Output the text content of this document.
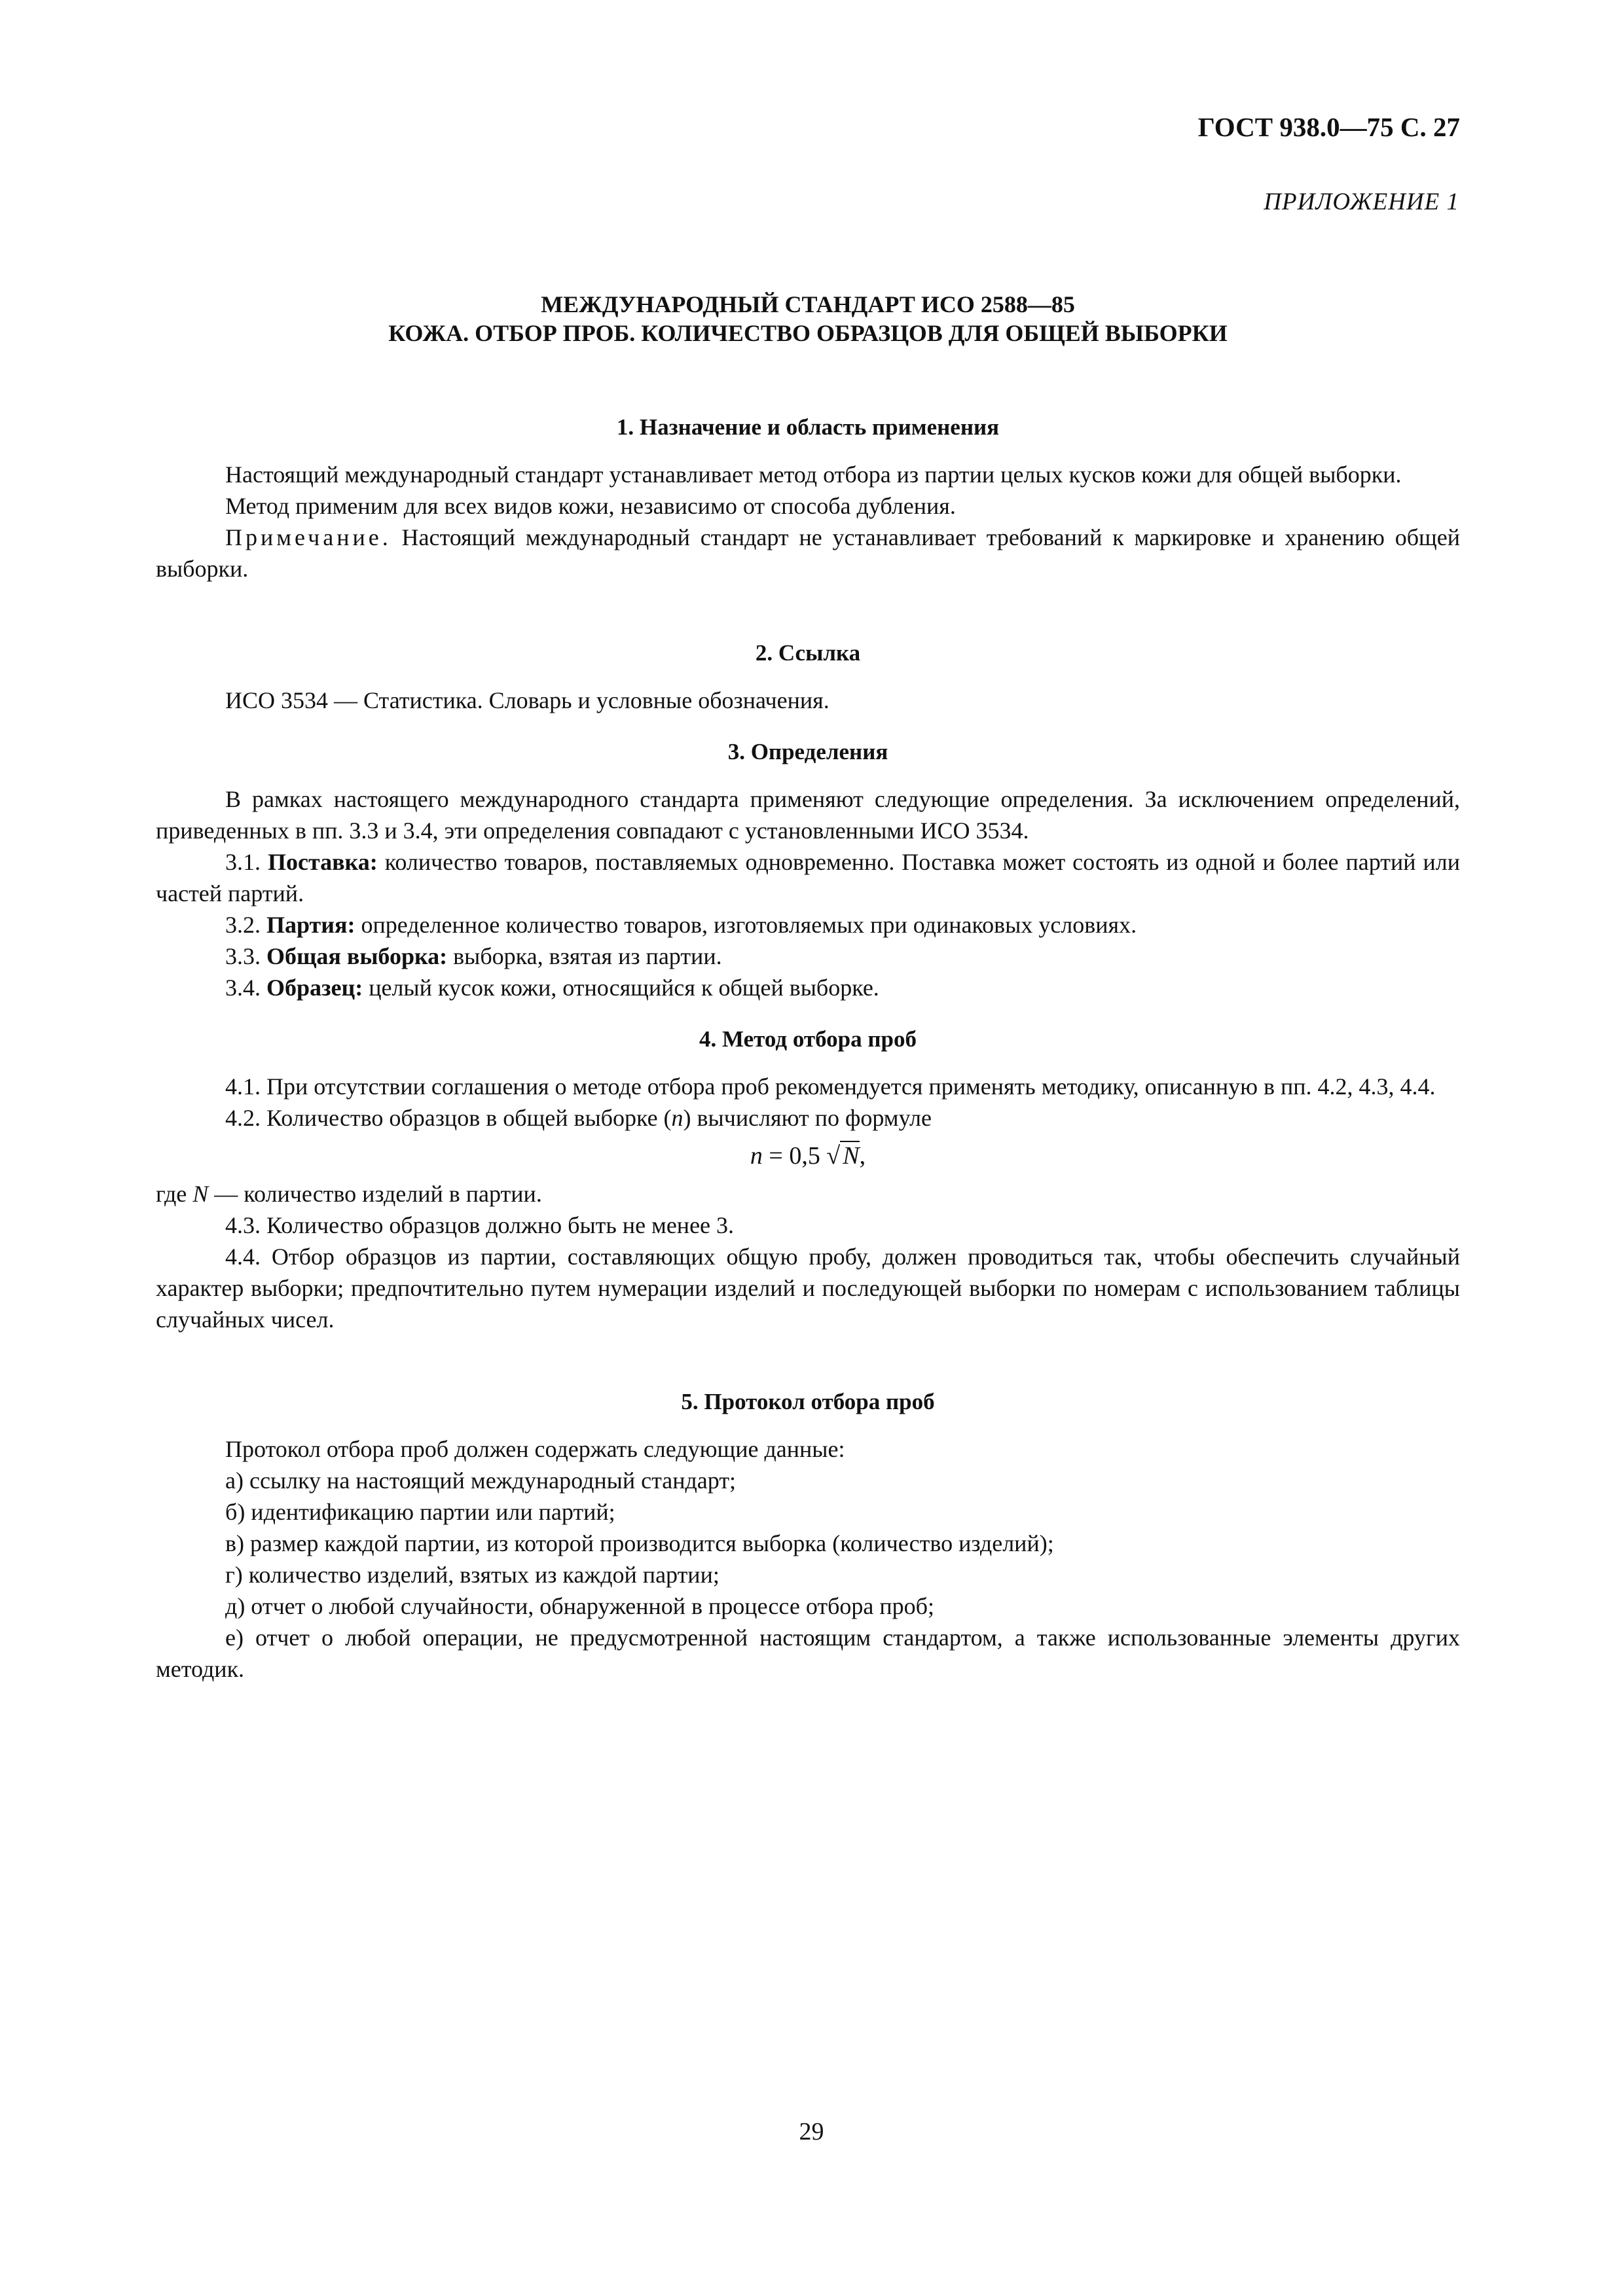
ГОСТ 938.0—75 С. 27
ПРИЛОЖЕНИЕ 1
МЕЖДУНАРОДНЫЙ СТАНДАРТ ИСО 2588—85
КОЖА. ОТБОР ПРОБ. КОЛИЧЕСТВО ОБРАЗЦОВ ДЛЯ ОБЩЕЙ ВЫБОРКИ
1. Назначение и область применения

Настоящий международный стандарт устанавливает метод отбора из партии целых кусков кожи для общей выборки.

Метод применим для всех видов кожи, независимо от способа дубления.

Примечание. Настоящий международный стандарт не устанавливает требований к маркировке и хранению общей выборки.

2. Ссылка

ИСО 3534 — Статистика. Словарь и условные обозначения.

3. Определения

В рамках настоящего международного стандарта применяют следующие определения. За исключением определений, приведенных в пп. 3.3 и 3.4, эти определения совпадают с установленными ИСО 3534.

3.1. Поставка: количество товаров, поставляемых одновременно. Поставка может состоять из одной и более партий или частей партий.

3.2. Партия: определенное количество товаров, изготовляемых при одинаковых условиях.

3.3. Общая выборка: выборка, взятая из партии.

3.4. Образец: целый кусок кожи, относящийся к общей выборке.

4. Метод отбора проб

4.1. При отсутствии соглашения о методе отбора проб рекомендуется применять методику, описанную в пп. 4.2, 4.3, 4.4.

4.2. Количество образцов в общей выборке (n) вычисляют по формуле

n = 0,5 √ N,

где N — количество изделий в партии.

4.3. Количество образцов должно быть не менее 3.

4.4. Отбор образцов из партии, составляющих общую пробу, должен проводиться так, чтобы обеспечить случайный характер выборки; предпочтительно путем нумерации изделий и последующей выборки по номерам с использованием таблицы случайных чисел.

5. Протокол отбора проб

Протокол отбора проб должен содержать следующие данные:

а) ссылку на настоящий международный стандарт;

б) идентификацию партии или партий;

в) размер каждой партии, из которой производится выборка (количество изделий);

г) количество изделий, взятых из каждой партии;

д) отчет о любой случайности, обнаруженной в процессе отбора проб;

е) отчет о любой операции, не предусмотренной настоящим стандартом, а также использованные элементы других методик.

29
